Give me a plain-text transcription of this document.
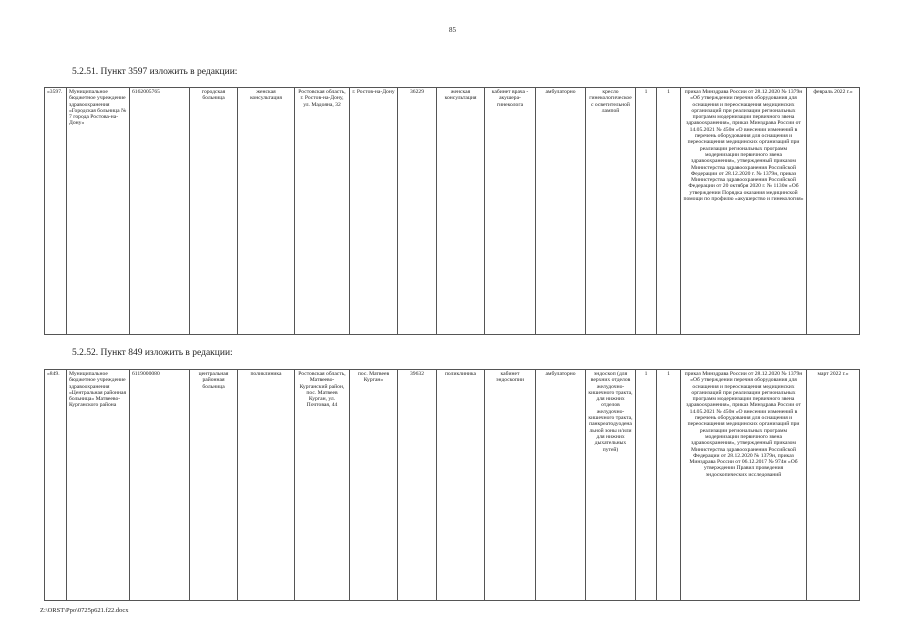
85
5.2.51. Пункт 3597 изложить в редакции:
«3597.	Муниципальное бюджетное учреждение здравоохранения «Городская больница № 7 города Ростова-на-Дону»	6162005765	городская больница	женская консультация	Ростовская область, г. Ростов-на-Дону, ул. Мадояна, 32	г. Ростов-на-Дону	36229	женская консультация	кабинет врача - акушера-гинеколога	амбулаторно	кресло гинекологическое с осветительной лампой	1	1	приказ Минздрава России от 28.12.2020 № 1379н «Об утверждении перечня оборудования для оснащения и переоснащения медицинских организаций при реализации региональных программ модернизации первичного звена здравоохранения», приказ Минздрава России от 14.05.2021 № 450н «О внесении изменений в перечень оборудования для оснащения и переоснащения медицинских организаций при реализации региональных программ модернизации первичного звена здравоохранения», утвержденный приказом Министерства здравоохранения Российской Федерации от 28.12.2020 г. № 1379н, приказ Министерства здравоохранения Российской Федерации от 20 октября 2020 г. № 1130н «Об утверждении Порядка оказания медицинской помощи по профилю «акушерство и гинекология»	февраль 2022 г.»
5.2.52. Пункт 849 изложить в редакции:
«849.	Муниципальное бюджетное учреждение здравоохранения «Центральная районная больница» Матвеево-Курганского района	6119000080	центральная районная больница	поликлиника	Ростовская область, Матвеево-Курганский район, пос. Матвеев Курган, ул. Почтовая, 44	пос. Матвеев Курган»	39632	поликлиника	кабинет эндоскопии	амбулаторно	эндоскоп (для верхних отделов желудочно-кишечного тракта, для нижних отделов желудочно-кишечного тракта, панкреатодуоденальной зоны и/или для нижних дыхательных путей)	1	1	приказ Минздрава России от 28.12.2020 № 1379н «Об утверждении перечня оборудования для оснащения и переоснащения медицинских организаций при реализации региональных программ модернизации первичного звена здравоохранения», приказ Минздрава России от 14.05.2021 № 450н «О внесении изменений в перечень оборудования для оснащения и переоснащения медицинских организаций при реализации региональных программ модернизации первичного звена здравоохранения», утвержденный приказом Министерства здравоохранения Российской Федерации от 28.12.2020 № 1379н, приказ Минздрава России от 06.12.2017 № 974н «Об утверждении Правил проведения эндоскопических исследований	март 2022 г.»
Z:\ORST\Ppo\0725p621.f22.docx
